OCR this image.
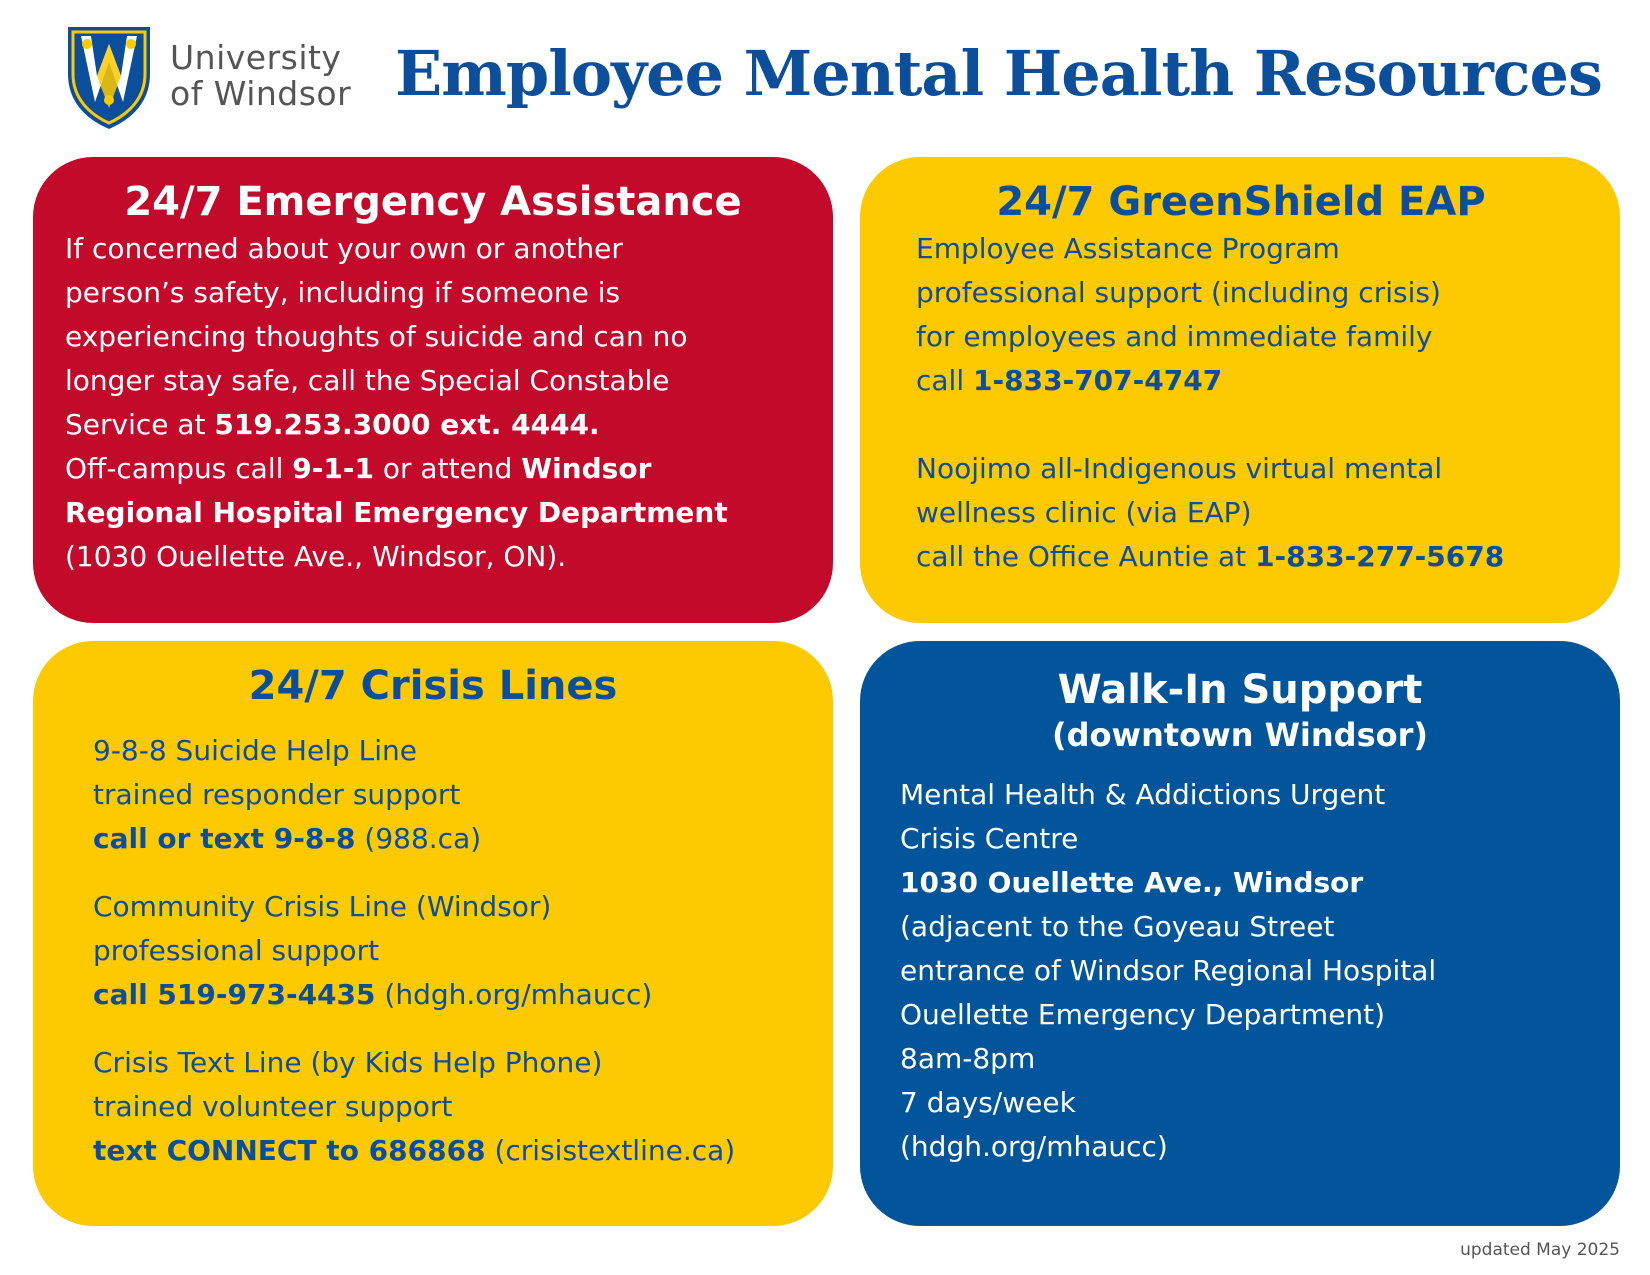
University
of Windsor Employee Mental Health Resources
24/7 Emergency Assistance
If concerned about your own or another
person’s safety, including if someone is
experiencing thoughts of suicide and can no
longer stay safe, call the Special Constable
Service at 519.253.3000 ext. 4444.
Off-campus call 9-1-1 or attend Windsor
Regional Hospital Emergency Department
(1030 Ouellette Ave., Windsor, ON).
24/7 GreenShield EAP
Employee Assistance Program
professional support (including crisis)
for employees and immediate family
call 1-833-707-4747
Noojimo all-Indigenous virtual mental
wellness clinic (via EAP)
call the Office Auntie at 1-833-277-5678
24/7 Crisis Lines
9-8-8 Suicide Help Line
trained responder support
call or text 9-8-8 (988.ca)
Community Crisis Line (Windsor)
professional support
call 519-973-4435 (hdgh.org/mhaucc)
Crisis Text Line (by Kids Help Phone)
trained volunteer support
text CONNECT to 686868 (crisistextline.ca)
Walk-In Support
(downtown Windsor)
Mental Health & Addictions Urgent
Crisis Centre
1030 Ouellette Ave., Windsor
(adjacent to the Goyeau Street
entrance of Windsor Regional Hospital
Ouellette Emergency Department)
8am-8pm
7 days/week
(hdgh.org/mhaucc)
updated May 2025
